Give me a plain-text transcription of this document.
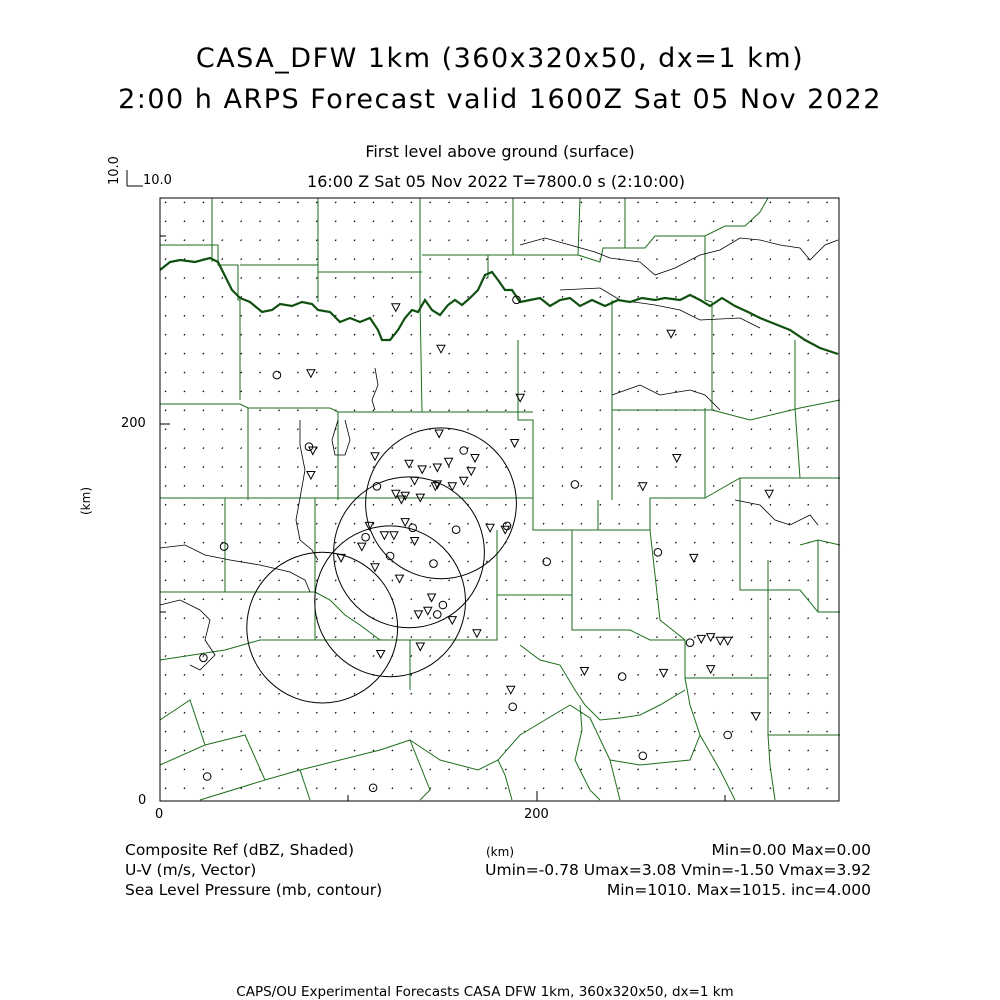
CASA_DFW 1km (360x320x50, dx=1 km)
2:00 h ARPS Forecast valid 1600Z Sat 05 Nov 2022
First level above ground (surface)
16:00 Z Sat 05 Nov 2022 T=7800.0 s (2:10:00)
10.0
10.0
0	200
0
200
(km)
Composite Ref (dBZ, Shaded)
U-V (m/s, Vector)
Sea Level Pressure (mb, contour)
(km)	Min=0.00 Max=0.00
Umin=-0.78 Umax=3.08 Vmin=-1.50 Vmax=3.92
Min=1010. Max=1015. inc=4.000
CAPS/OU Experimental Forecasts CASA DFW 1km, 360x320x50, dx=1 km
